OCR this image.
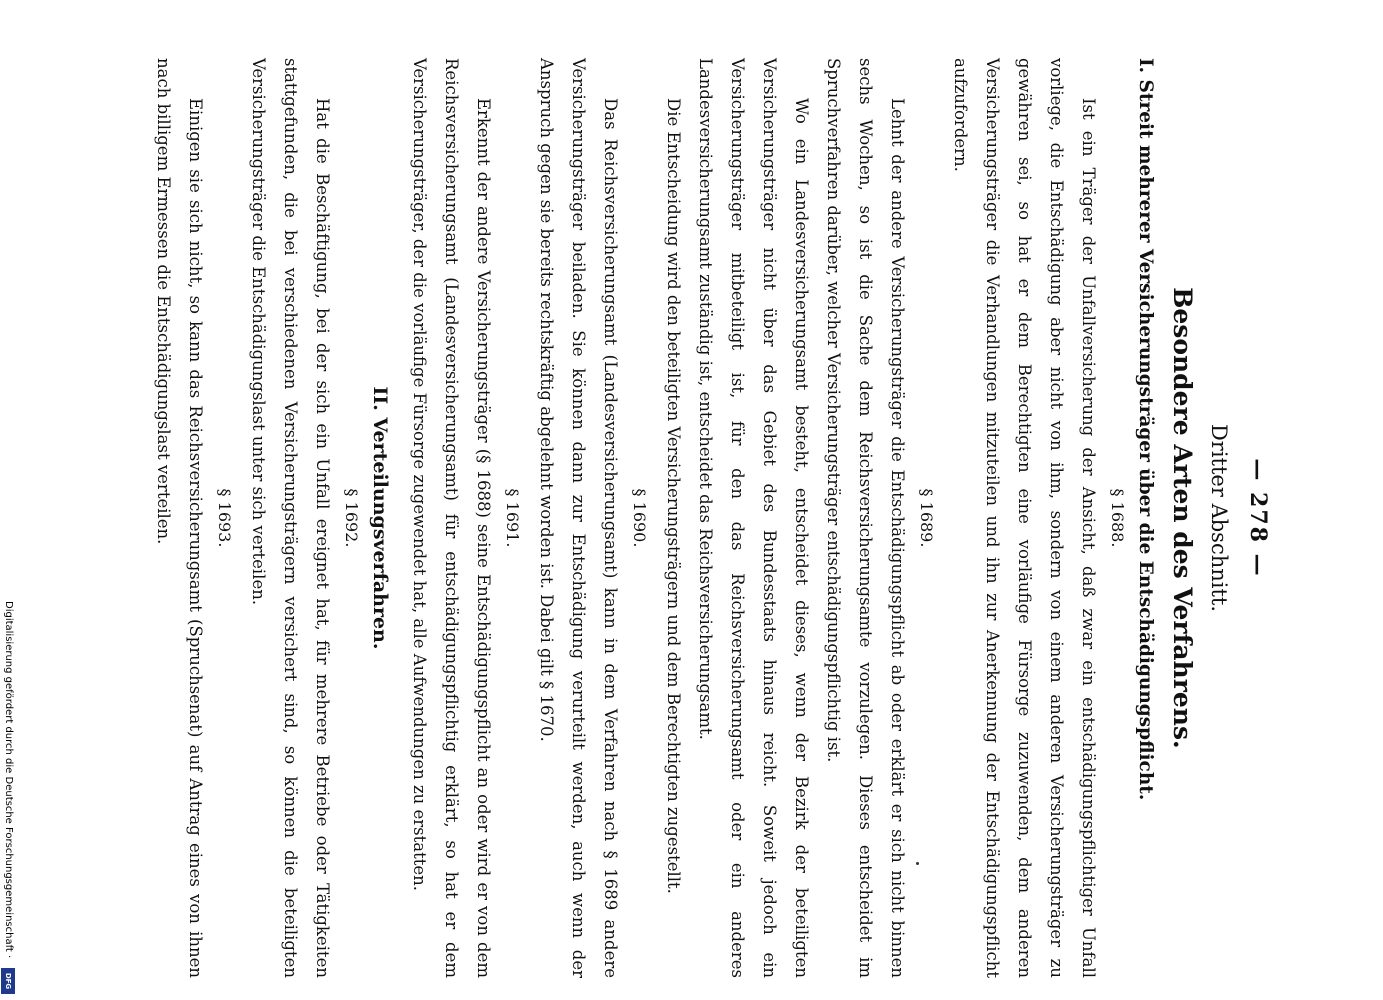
— 278 —
Dritter Abschnitt.
Besondere Arten des Verfahrens.
I. Streit mehrerer Versicherungsträger über die Entschädigungspflicht.
§ 1688.

Ist ein Träger der Unfallversicherung der Ansicht, daß zwar ein entschädigungspflichtiger Unfall vorliege, die Entschädigung aber nicht von ihm, sondern von einem anderen Versicherungsträger zu gewähren sei, so hat er dem Berechtigten eine vorläufige Fürsorge zuzuwenden, dem anderen Versicherungsträger die Verhandlungen mitzuteilen und ihn zur Anerkennung der Entschädigungspflicht aufzufordern.

§ 1689.

Lehnt der andere Versicherungsträger die Entschädigungspflicht ab oder erklärt er sich nicht binnen sechs Wochen, so ist die Sache dem Reichsversicherungsamte vorzulegen. Dieses entscheidet im Spruchverfahren darüber, welcher Versicherungsträger entschädigungspflichtig ist.

Wo ein Landesversicherungsamt besteht, entscheidet dieses, wenn der Bezirk der beteiligten Versicherungsträger nicht über das Gebiet des Bundesstaats hinaus reicht. Soweit jedoch ein Versicherungsträger mitbeteiligt ist, für den das Reichsversicherungsamt oder ein anderes Landesversicherungsamt zuständig ist, entscheidet das Reichsversicherungsamt.

Die Entscheidung wird den beteiligten Versicherungsträgern und dem Berechtigten zugestellt.

§ 1690.

Das Reichsversicherungsamt (Landesversicherungsamt) kann in dem Verfahren nach § 1689 andere Versicherungsträger beiladen. Sie können dann zur Entschädigung verurteilt werden, auch wenn der Anspruch gegen sie bereits rechtskräftig abgelehnt worden ist. Dabei gilt § 1670.

§ 1691.

Erkennt der andere Versicherungsträger (§ 1688) seine Entschädigungspflicht an oder wird er von dem Reichsversicherungsamt (Landesversicherungsamt) für entschädigungspflichtig erklärt, so hat er dem Versicherungsträger, der die vorläufige Fürsorge zugewendet hat, alle Aufwendungen zu erstatten.

II. Verteilungsverfahren.
§ 1692.

Hat die Beschäftigung, bei der sich ein Unfall ereignet hat, für mehrere Betriebe oder Tätigkeiten stattgefunden, die bei verschiedenen Versicherungsträgern versichert sind, so können die beteiligten Versicherungsträger die Entschädigungslast unter sich verteilen.

§ 1693.

Einigen sie sich nicht, so kann das Reichsversicherungsamt (Spruchsenat) auf Antrag eines von ihnen nach billigem Ermessen die Entschädigungslast verteilen.

Digitalisierung gefördert durch die Deutsche Forschungsgemeinschaft ·
DFG
